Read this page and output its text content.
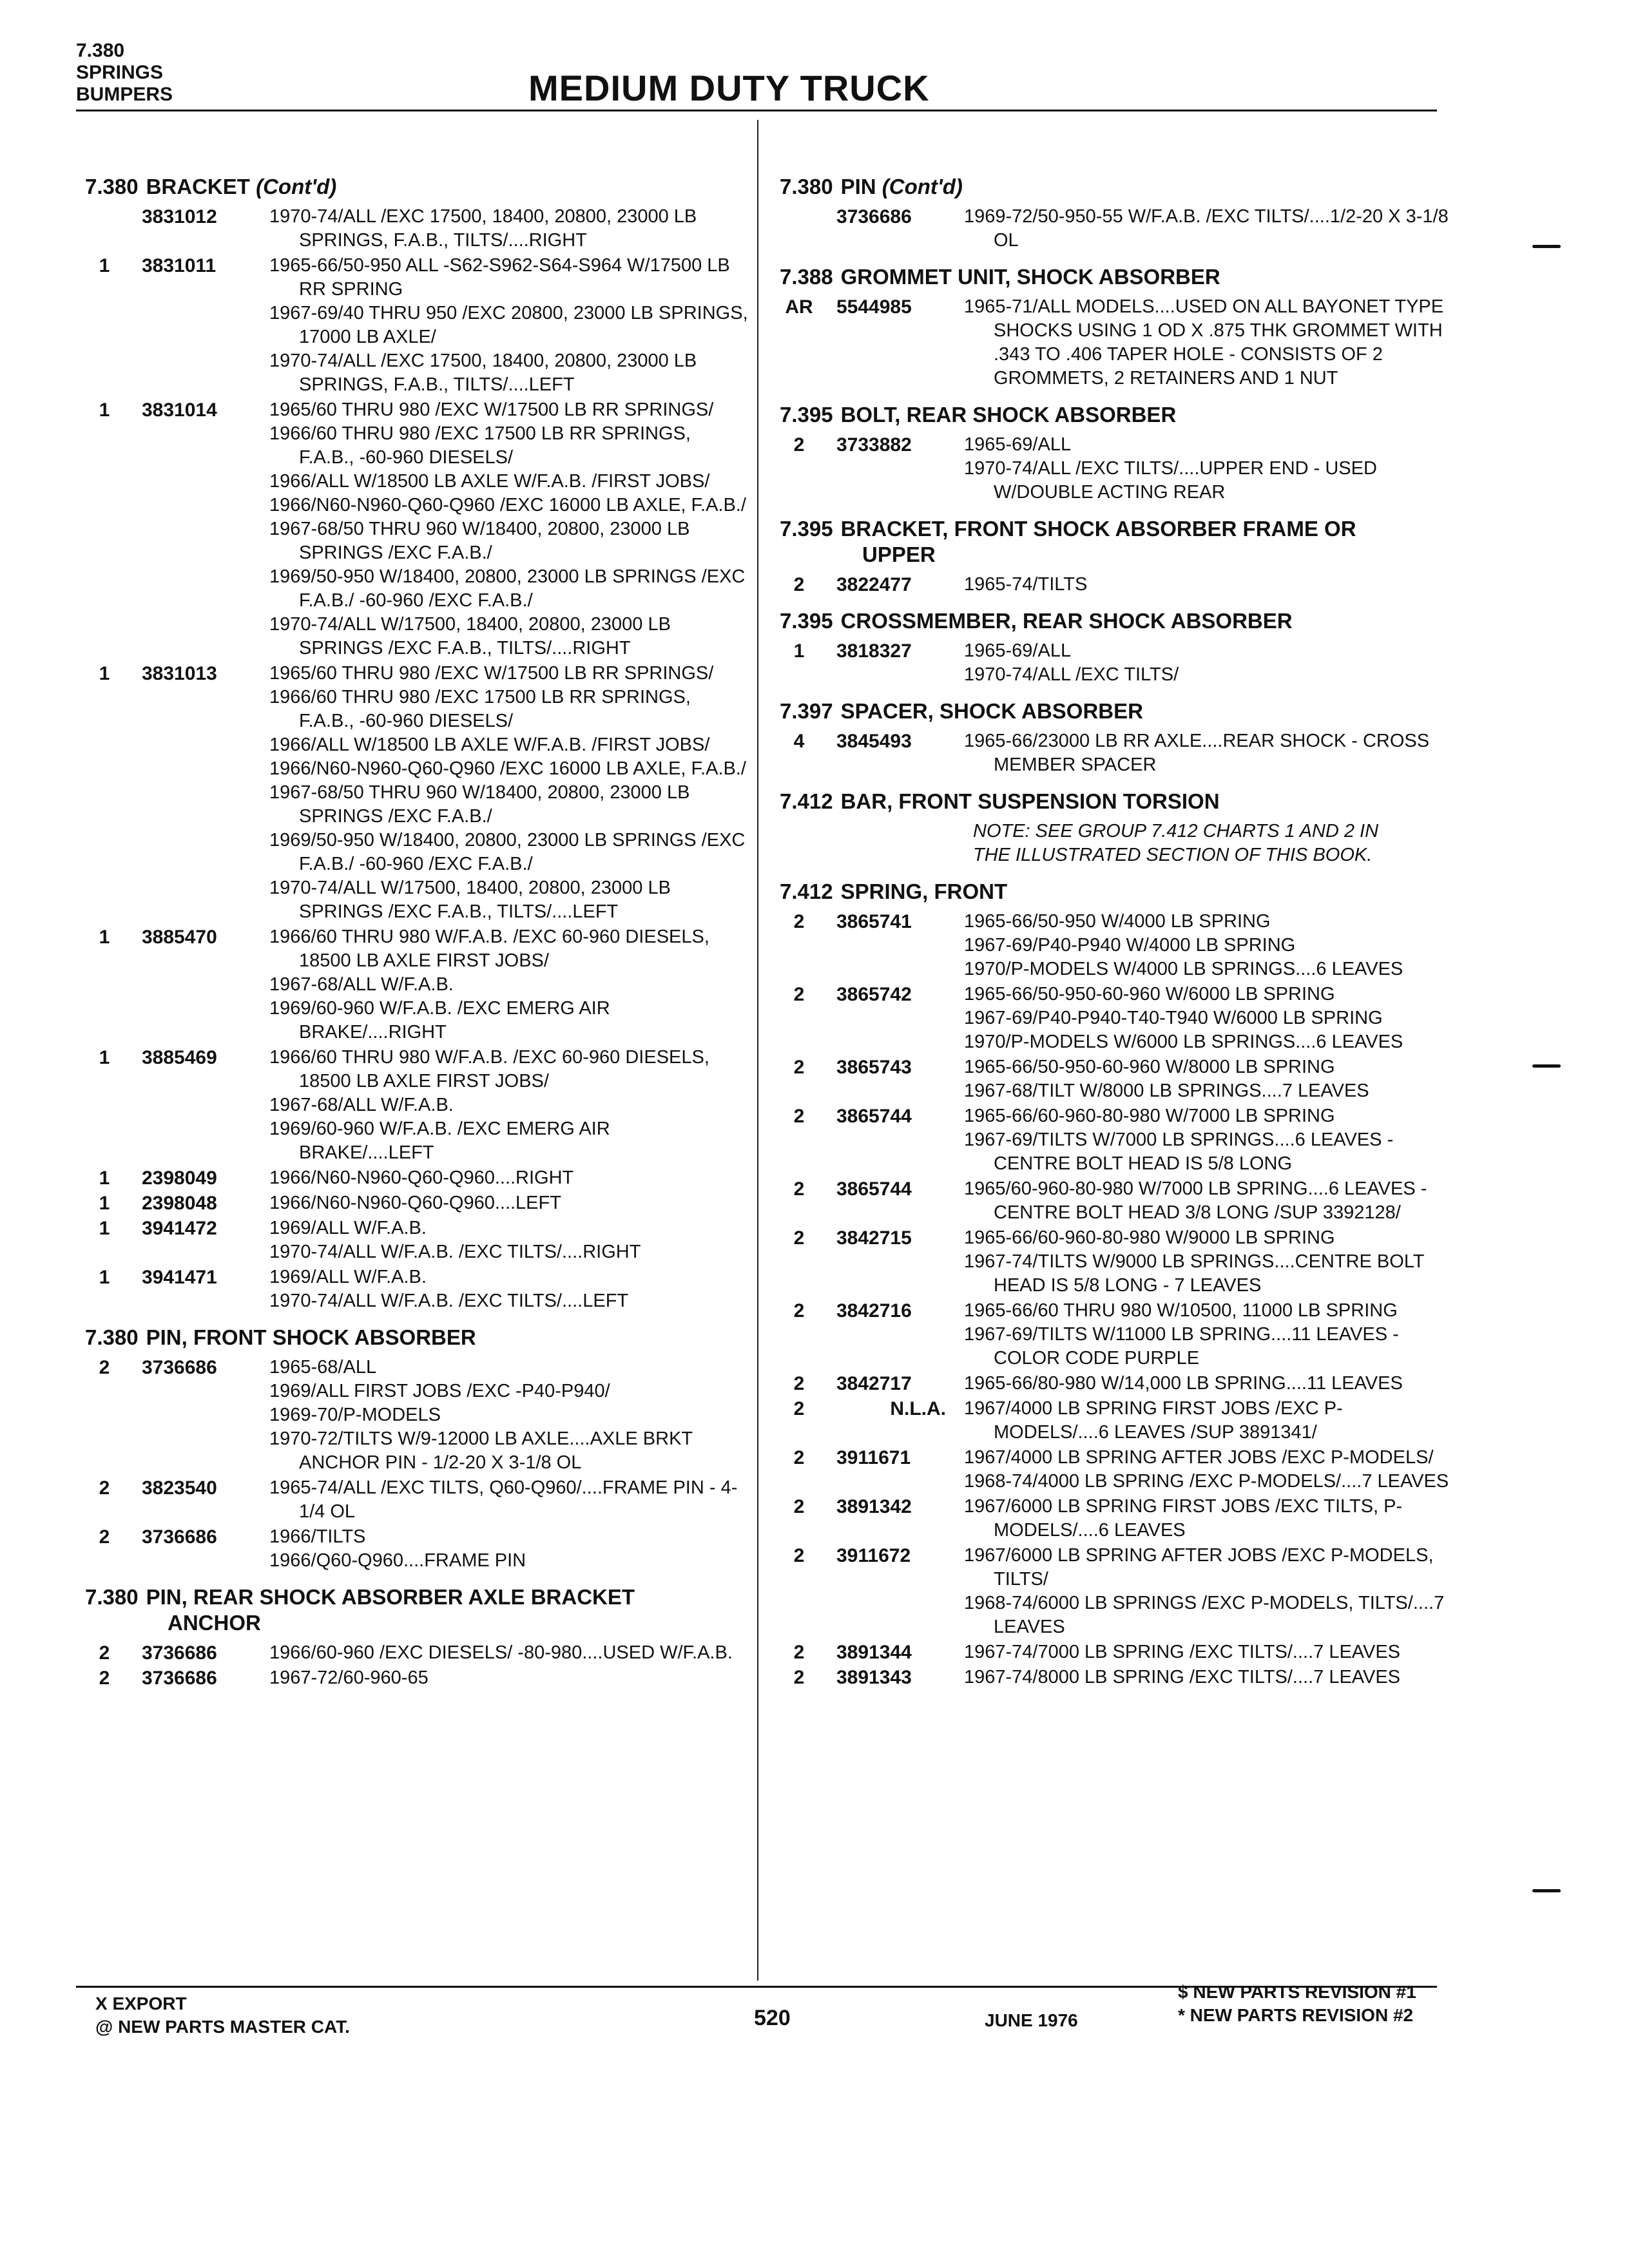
7.380
SPRINGS
BUMPERS	MEDIUM DUTY TRUCK
7.380 BRACKET (Cont'd)
3831012	1970-74/ALL /EXC 17500, 18400, 20800, 23000 LB SPRINGS, F.A.B., TILTS/....RIGHT
1	3831011	1965-66/50-950 ALL -S62-S962-S64-S964 W/17500 LB RR SPRING
1967-69/40 THRU 950 /EXC 20800, 23000 LB SPRINGS, 17000 LB AXLE/
1970-74/ALL /EXC 17500, 18400, 20800, 23000 LB SPRINGS, F.A.B., TILTS/....LEFT
1	3831014	1965/60 THRU 980 /EXC W/17500 LB RR SPRINGS/
1966/60 THRU 980 /EXC 17500 LB RR SPRINGS, F.A.B., -60-960 DIESELS/
1966/ALL W/18500 LB AXLE W/F.A.B. /FIRST JOBS/
1966/N60-N960-Q60-Q960 /EXC 16000 LB AXLE, F.A.B./
1967-68/50 THRU 960 W/18400, 20800, 23000 LB SPRINGS /EXC F.A.B./
1969/50-950 W/18400, 20800, 23000 LB SPRINGS /EXC F.A.B./ -60-960 /EXC F.A.B./
1970-74/ALL W/17500, 18400, 20800, 23000 LB SPRINGS /EXC F.A.B., TILTS/....RIGHT
1	3831013	1965/60 THRU 980 /EXC W/17500 LB RR SPRINGS/
1966/60 THRU 980 /EXC 17500 LB RR SPRINGS, F.A.B., -60-960 DIESELS/
1966/ALL W/18500 LB AXLE W/F.A.B. /FIRST JOBS/
1966/N60-N960-Q60-Q960 /EXC 16000 LB AXLE, F.A.B./
1967-68/50 THRU 960 W/18400, 20800, 23000 LB SPRINGS /EXC F.A.B./
1969/50-950 W/18400, 20800, 23000 LB SPRINGS /EXC F.A.B./ -60-960 /EXC F.A.B./
1970-74/ALL W/17500, 18400, 20800, 23000 LB SPRINGS /EXC F.A.B., TILTS/....LEFT
1	3885470	1966/60 THRU 980 W/F.A.B. /EXC 60-960 DIESELS, 18500 LB AXLE FIRST JOBS/
1967-68/ALL W/F.A.B.
1969/60-960 W/F.A.B. /EXC EMERG AIR BRAKE/....RIGHT
1	3885469	1966/60 THRU 980 W/F.A.B. /EXC 60-960 DIESELS, 18500 LB AXLE FIRST JOBS/
1967-68/ALL W/F.A.B.
1969/60-960 W/F.A.B. /EXC EMERG AIR BRAKE/....LEFT
1	2398049	1966/N60-N960-Q60-Q960....RIGHT
1	2398048	1966/N60-N960-Q60-Q960....LEFT
1	3941472	1969/ALL W/F.A.B.
1970-74/ALL W/F.A.B. /EXC TILTS/....RIGHT
1	3941471	1969/ALL W/F.A.B.
1970-74/ALL W/F.A.B. /EXC TILTS/....LEFT
7.380 PIN, FRONT SHOCK ABSORBER
2	3736686	1965-68/ALL
1969/ALL FIRST JOBS /EXC -P40-P940/
1969-70/P-MODELS
1970-72/TILTS W/9-12000 LB AXLE....AXLE BRKT ANCHOR PIN - 1/2-20 X 3-1/8 OL
2	3823540	1965-74/ALL /EXC TILTS, Q60-Q960/....FRAME PIN - 4-1/4 OL
2	3736686	1966/TILTS
1966/Q60-Q960....FRAME PIN
7.380 PIN, REAR SHOCK ABSORBER AXLE BRACKET
ANCHOR
2	3736686	1966/60-960 /EXC DIESELS/ -80-980....USED W/F.A.B.
2	3736686	1967-72/60-960-65
7.380 PIN (Cont'd)
3736686	1969-72/50-950-55 W/F.A.B. /EXC TILTS/....1/2-20 X 3-1/8 OL
7.388 GROMMET UNIT, SHOCK ABSORBER
AR 5544985	1965-71/ALL MODELS....USED ON ALL BAYONET TYPE SHOCKS USING 1 OD X .875 THK GROMMET WITH .343 TO .406 TAPER HOLE - CONSISTS OF 2 GROMMETS, 2 RETAINERS AND 1 NUT
7.395 BOLT, REAR SHOCK ABSORBER
2	3733882	1965-69/ALL
1970-74/ALL /EXC TILTS/....UPPER END - USED W/DOUBLE ACTING REAR
7.395 BRACKET, FRONT SHOCK ABSORBER FRAME OR
UPPER
2	3822477	1965-74/TILTS
7.395 CROSSMEMBER, REAR SHOCK ABSORBER
1	3818327	1965-69/ALL
1970-74/ALL /EXC TILTS/
7.397 SPACER, SHOCK ABSORBER
4	3845493	1965-66/23000 LB RR AXLE....REAR SHOCK - CROSS MEMBER SPACER
7.412 BAR, FRONT SUSPENSION TORSION
NOTE: SEE GROUP 7.412 CHARTS 1 AND 2 IN
THE ILLUSTRATED SECTION OF THIS BOOK.
7.412 SPRING, FRONT
2	3865741	1965-66/50-950 W/4000 LB SPRING
1967-69/P40-P940 W/4000 LB SPRING
1970/P-MODELS W/4000 LB SPRINGS....6 LEAVES
2	3865742	1965-66/50-950-60-960 W/6000 LB SPRING
1967-69/P40-P940-T40-T940 W/6000 LB SPRING
1970/P-MODELS W/6000 LB SPRINGS....6 LEAVES
2	3865743	1965-66/50-950-60-960 W/8000 LB SPRING
1967-68/TILT W/8000 LB SPRINGS....7 LEAVES
2	3865744	1965-66/60-960-80-980 W/7000 LB SPRING
1967-69/TILTS W/7000 LB SPRINGS....6 LEAVES - CENTRE BOLT HEAD IS 5/8 LONG
2	3865744	1965/60-960-80-980 W/7000 LB SPRING....6 LEAVES - CENTRE BOLT HEAD 3/8 LONG /SUP 3392128/
2	3842715	1965-66/60-960-80-980 W/9000 LB SPRING
1967-74/TILTS W/9000 LB SPRINGS....CENTRE BOLT HEAD IS 5/8 LONG - 7 LEAVES
2	3842716	1965-66/60 THRU 980 W/10500, 11000 LB SPRING
1967-69/TILTS W/11000 LB SPRING....11 LEAVES - COLOR CODE PURPLE
2	3842717	1965-66/80-980 W/14,000 LB SPRING....11 LEAVES
2	N.L.A. 1967/4000 LB SPRING FIRST JOBS /EXC P-MODELS/....6 LEAVES /SUP 3891341/
2	3911671	1967/4000 LB SPRING AFTER JOBS /EXC P-MODELS/
1968-74/4000 LB SPRING /EXC P-MODELS/....7 LEAVES
2	3891342	1967/6000 LB SPRING FIRST JOBS /EXC TILTS, P-MODELS/....6 LEAVES
2	3911672	1967/6000 LB SPRING AFTER JOBS /EXC P-MODELS, TILTS/
1968-74/6000 LB SPRINGS /EXC P-MODELS, TILTS/....7 LEAVES
2	3891344	1967-74/7000 LB SPRING /EXC TILTS/....7 LEAVES
2	3891343	1967-74/8000 LB SPRING /EXC TILTS/....7 LEAVES
X EXPORT
@ NEW PARTS MASTER CAT.	520	JUNE 1976
$ NEW PARTS REVISION #1
* NEW PARTS REVISION #2
